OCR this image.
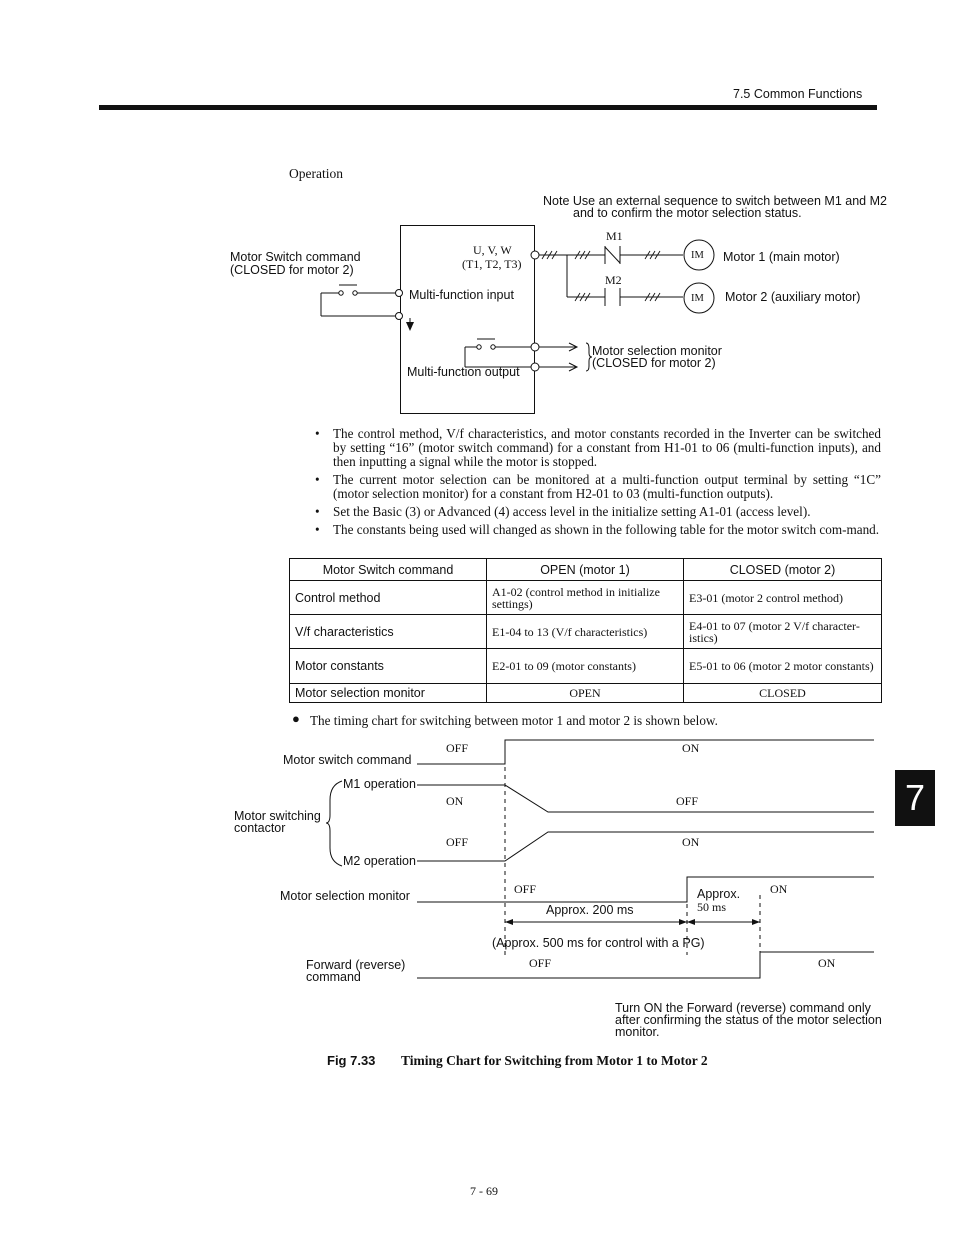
7.5 Common Functions
7
Operation
Note Use an external sequence to switch between M1 and M2
and to confirm the motor selection status.
Motor Switch command
(CLOSED for motor 2)
U, V, W
(T1, T2, T3)
M1
M2
IM
IM
Motor 1 (main motor)
Motor 2 (auxiliary motor)
Multi-function input
Multi-function output
Motor selection monitor
(CLOSED for motor 2)
• The control method, V/f characteristics, and motor constants recorded in the Inverter can be switched by setting “16” (motor switch command) for a constant from H1-01 to 06 (multi-function inputs), and then inputting a signal while the motor is stopped.
• The current motor selection can be monitored at a multi-function output terminal by setting “1C” (motor selection monitor) for a constant from H2-01 to 03 (multi-function outputs).
• Set the Basic (3) or Advanced (4) access level in the initialize setting A1-01 (access level).
• The constants being used will changed as shown in the following table for the motor switch com-mand.
Motor Switch command	OPEN (motor 1)	CLOSED (motor 2)
Control method	A1-02 (control method in initialize settings)	E3-01 (motor 2 control method)
V/f characteristics	E1-04 to 13 (V/f characteristics)	E4-01 to 07 (motor 2 V/f character-istics)
Motor constants	E2-01 to 09 (motor constants)	E5-01 to 06 (motor 2 motor constants)
Motor selection monitor	OPEN	CLOSED
● The timing chart for switching between motor 1 and motor 2 is shown below.
Motor switch command
M1 operation
M2 operation
Motor switching
contactor
Motor selection monitor
Forward (reverse)
command
OFF	ON
ON	OFF
OFF	ON
OFF	ON
OFF	ON
Approx. 200 ms
Approx.
50 ms
(Approx. 500 ms for control with a PG)
Turn ON the Forward (reverse) command only
after confirming the status of the motor selection
monitor.
Fig 7.33 Timing Chart for Switching from Motor 1 to Motor 2
7 - 69
